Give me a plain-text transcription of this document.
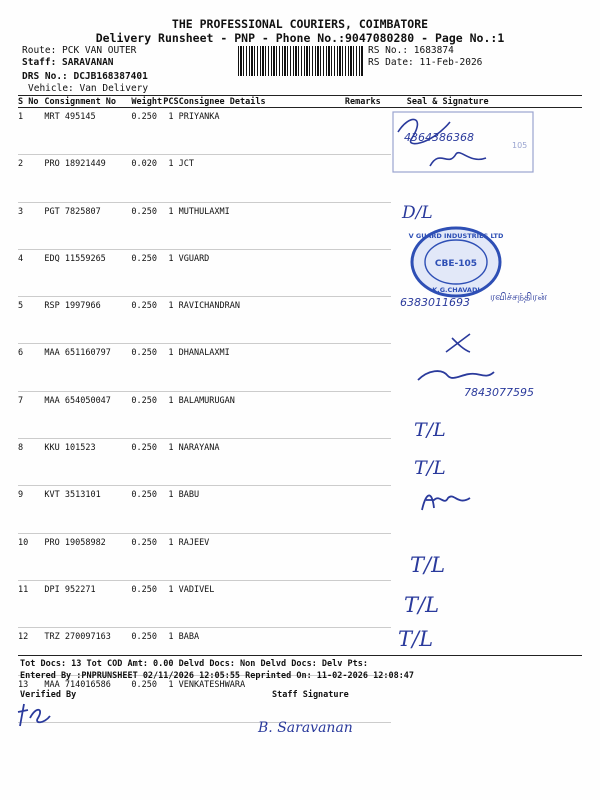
THE PROFESSIONAL COURIERS, COIMBATORE
Delivery Runsheet - PNP - Phone No.:9047080280 - Page No.:1
Route: PCK VAN OUTER
Staff: SARAVANAN
DRS No.: DCJB168387401
Vehicle: Van Delivery
RS No.: 1683874
RS Date: 11-Feb-2026
S No	Consignment No	Weight	PCS	Consignee Details	Remarks	Seal & Signature
1	MRT 495145	0.250	1	PRIYANKA		
2	PRO 18921449	0.020	1	JCT		
3	PGT 7825807	0.250	1	MUTHULAXMI		
4	EDQ 11559265	0.250	1	VGUARD		
5	RSP 1997966	0.250	1	RAVICHANDRAN		
6	MAA 651160797	0.250	1	DHANALAXMI		
7	MAA 654050047	0.250	1	BALAMURUGAN		
8	KKU 101523	0.250	1	NARAYANA		
9	KVT 3513101	0.250	1	BABU		
10	PRO 19058982	0.250	1	RAJEEV		
11	DPI 952271	0.250	1	VADIVEL		
12	TRZ 270097163	0.250	1	BABA		
13	MAA 714016586	0.250	1	VENKATESHWARA		
4364386368
105
D/L
V GUARD INDUSTRIES LTD
CBE-105
K.G.CHAVADI
6383011693 ரவிச்சந்திரன்
7843077595
T/L
T/L
T/L
T/L
T/L
Tot Docs: 13 Tot COD Amt: 0.00 Delvd Docs: Non Delvd Docs: Delv Pts:
Entered By :PNPRUNSHEET 02/11/2026 12:05:55 Reprinted On: 11-02-2026 12:08:47
Verified By	Staff Signature
B. Saravanan
